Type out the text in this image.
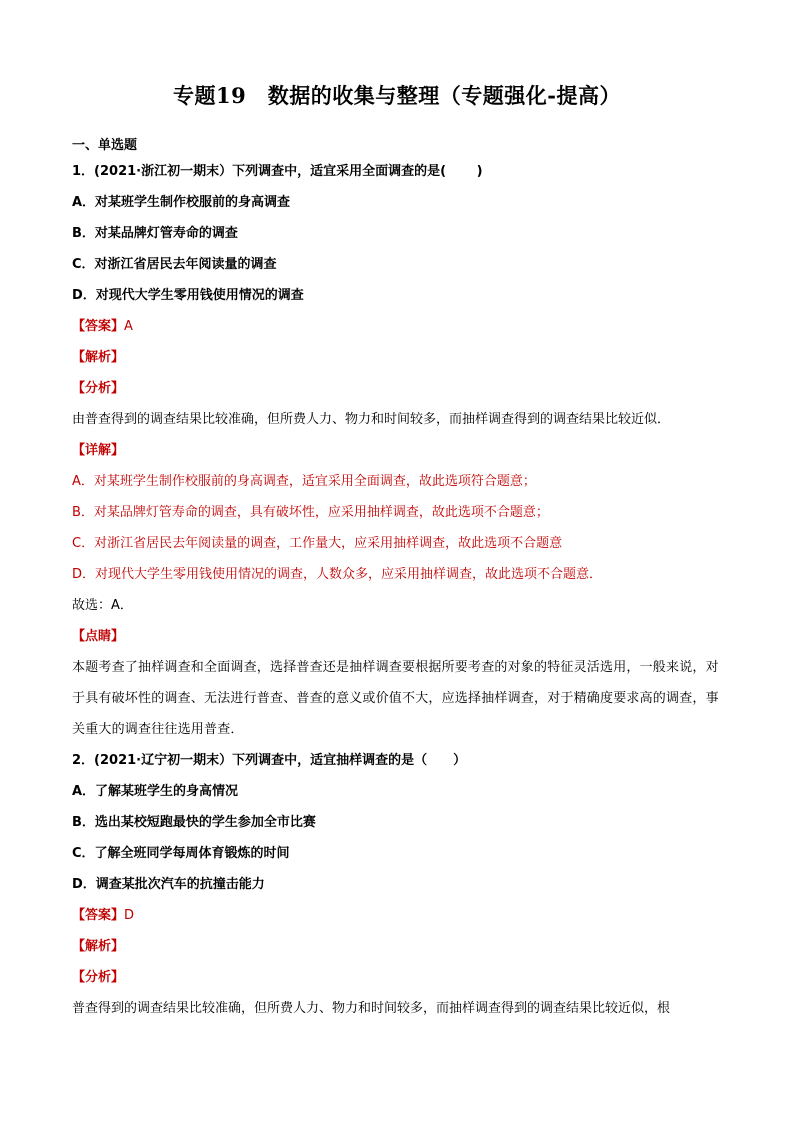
专题19　数据的收集与整理（专题强化-提高）
一、单选题
1．(2021·浙江初一期末）下列调查中，适宜采用全面调查的是(　　 )
A．对某班学生制作校服前的身高调查
B．对某品牌灯管寿命的调查
C．对浙江省居民去年阅读量的调查
D．对现代大学生零用钱使用情况的调查
【答案】A
【解析】
【分析】
由普查得到的调查结果比较准确，但所费人力、物力和时间较多，而抽样调查得到的调查结果比较近似．
【详解】
A．对某班学生制作校服前的身高调查，适宜采用全面调查，故此选项符合题意；
B．对某品牌灯管寿命的调查，具有破坏性，应采用抽样调查，故此选项不合题意；
C．对浙江省居民去年阅读量的调查，工作量大，应采用抽样调查，故此选项不合题意
D．对现代大学生零用钱使用情况的调查，人数众多，应采用抽样调查，故此选项不合题意．
故选：A．
【点睛】
本题考查了抽样调查和全面调查，选择普查还是抽样调查要根据所要考查的对象的特征灵活选用，一般来说，对于具有破坏性的调查、无法进行普查、普查的意义或价值不大，应选择抽样调查，对于精确度要求高的调查，事关重大的调查往往选用普查．
2．(2021·辽宁初一期末）下列调查中，适宜抽样调查的是（　　）
A．了解某班学生的身高情况
B．选出某校短跑最快的学生参加全市比赛
C．了解全班同学每周体育锻炼的时间
D．调查某批次汽车的抗撞击能力
【答案】D
【解析】
【分析】
普查得到的调查结果比较准确，但所费人力、物力和时间较多，而抽样调查得到的调查结果比较近似，根
